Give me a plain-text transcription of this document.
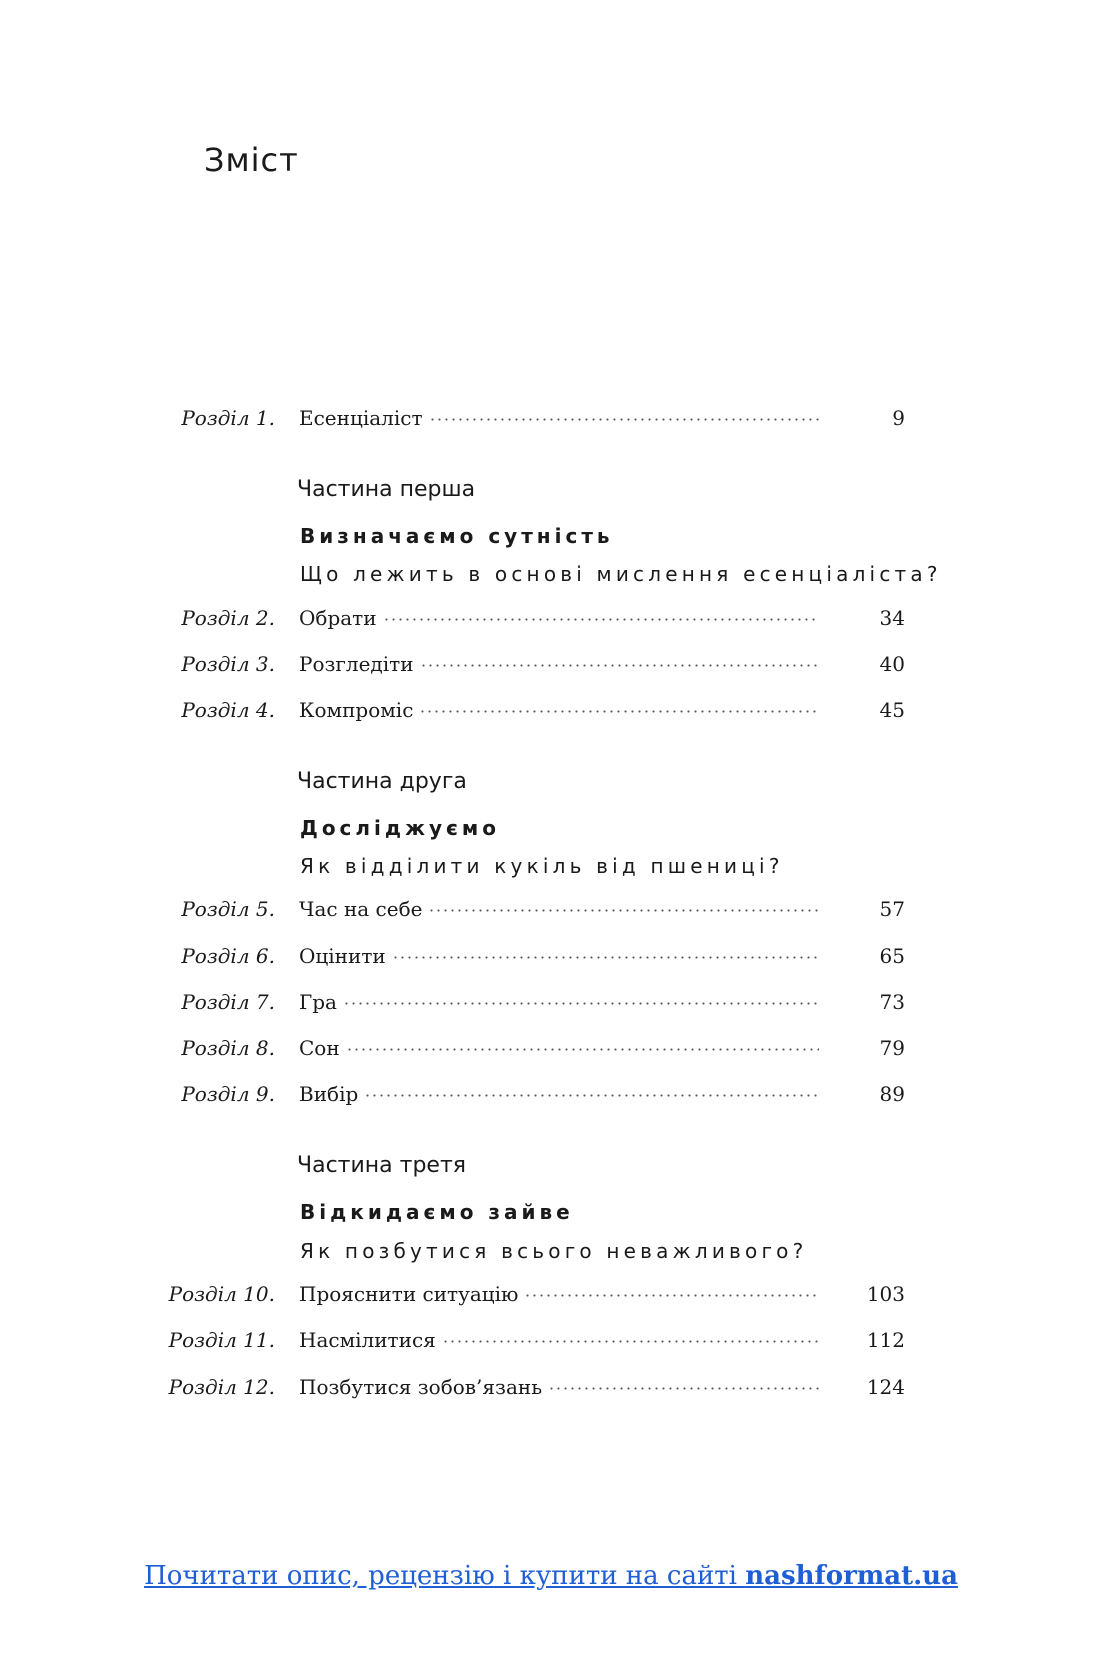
Зміст
Розділ 1. Есенціаліст	9
Частина перша
Визначаємо сутність
Що лежить в основі мислення есенціаліста?
Розділ 2. Обрати	34
Розділ 3. Розгледіти	40
Розділ 4. Компроміс	45
Частина друга
Досліджуємо
Як відділити кукіль від пшениці?
Розділ 5. Час на себе	57
Розділ 6. Оцінити	65
Розділ 7. Гра	73
Розділ 8. Сон	79
Розділ 9. Вибір	89
Частина третя
Відкидаємо зайве
Як позбутися всього неважливого?
Розділ 10. Прояснити ситуацію	103
Розділ 11. Насмілитися	112
Розділ 12. Позбутися зобов’язань	124
Почитати опис, рецензію і купити на сайті nashformat.ua
